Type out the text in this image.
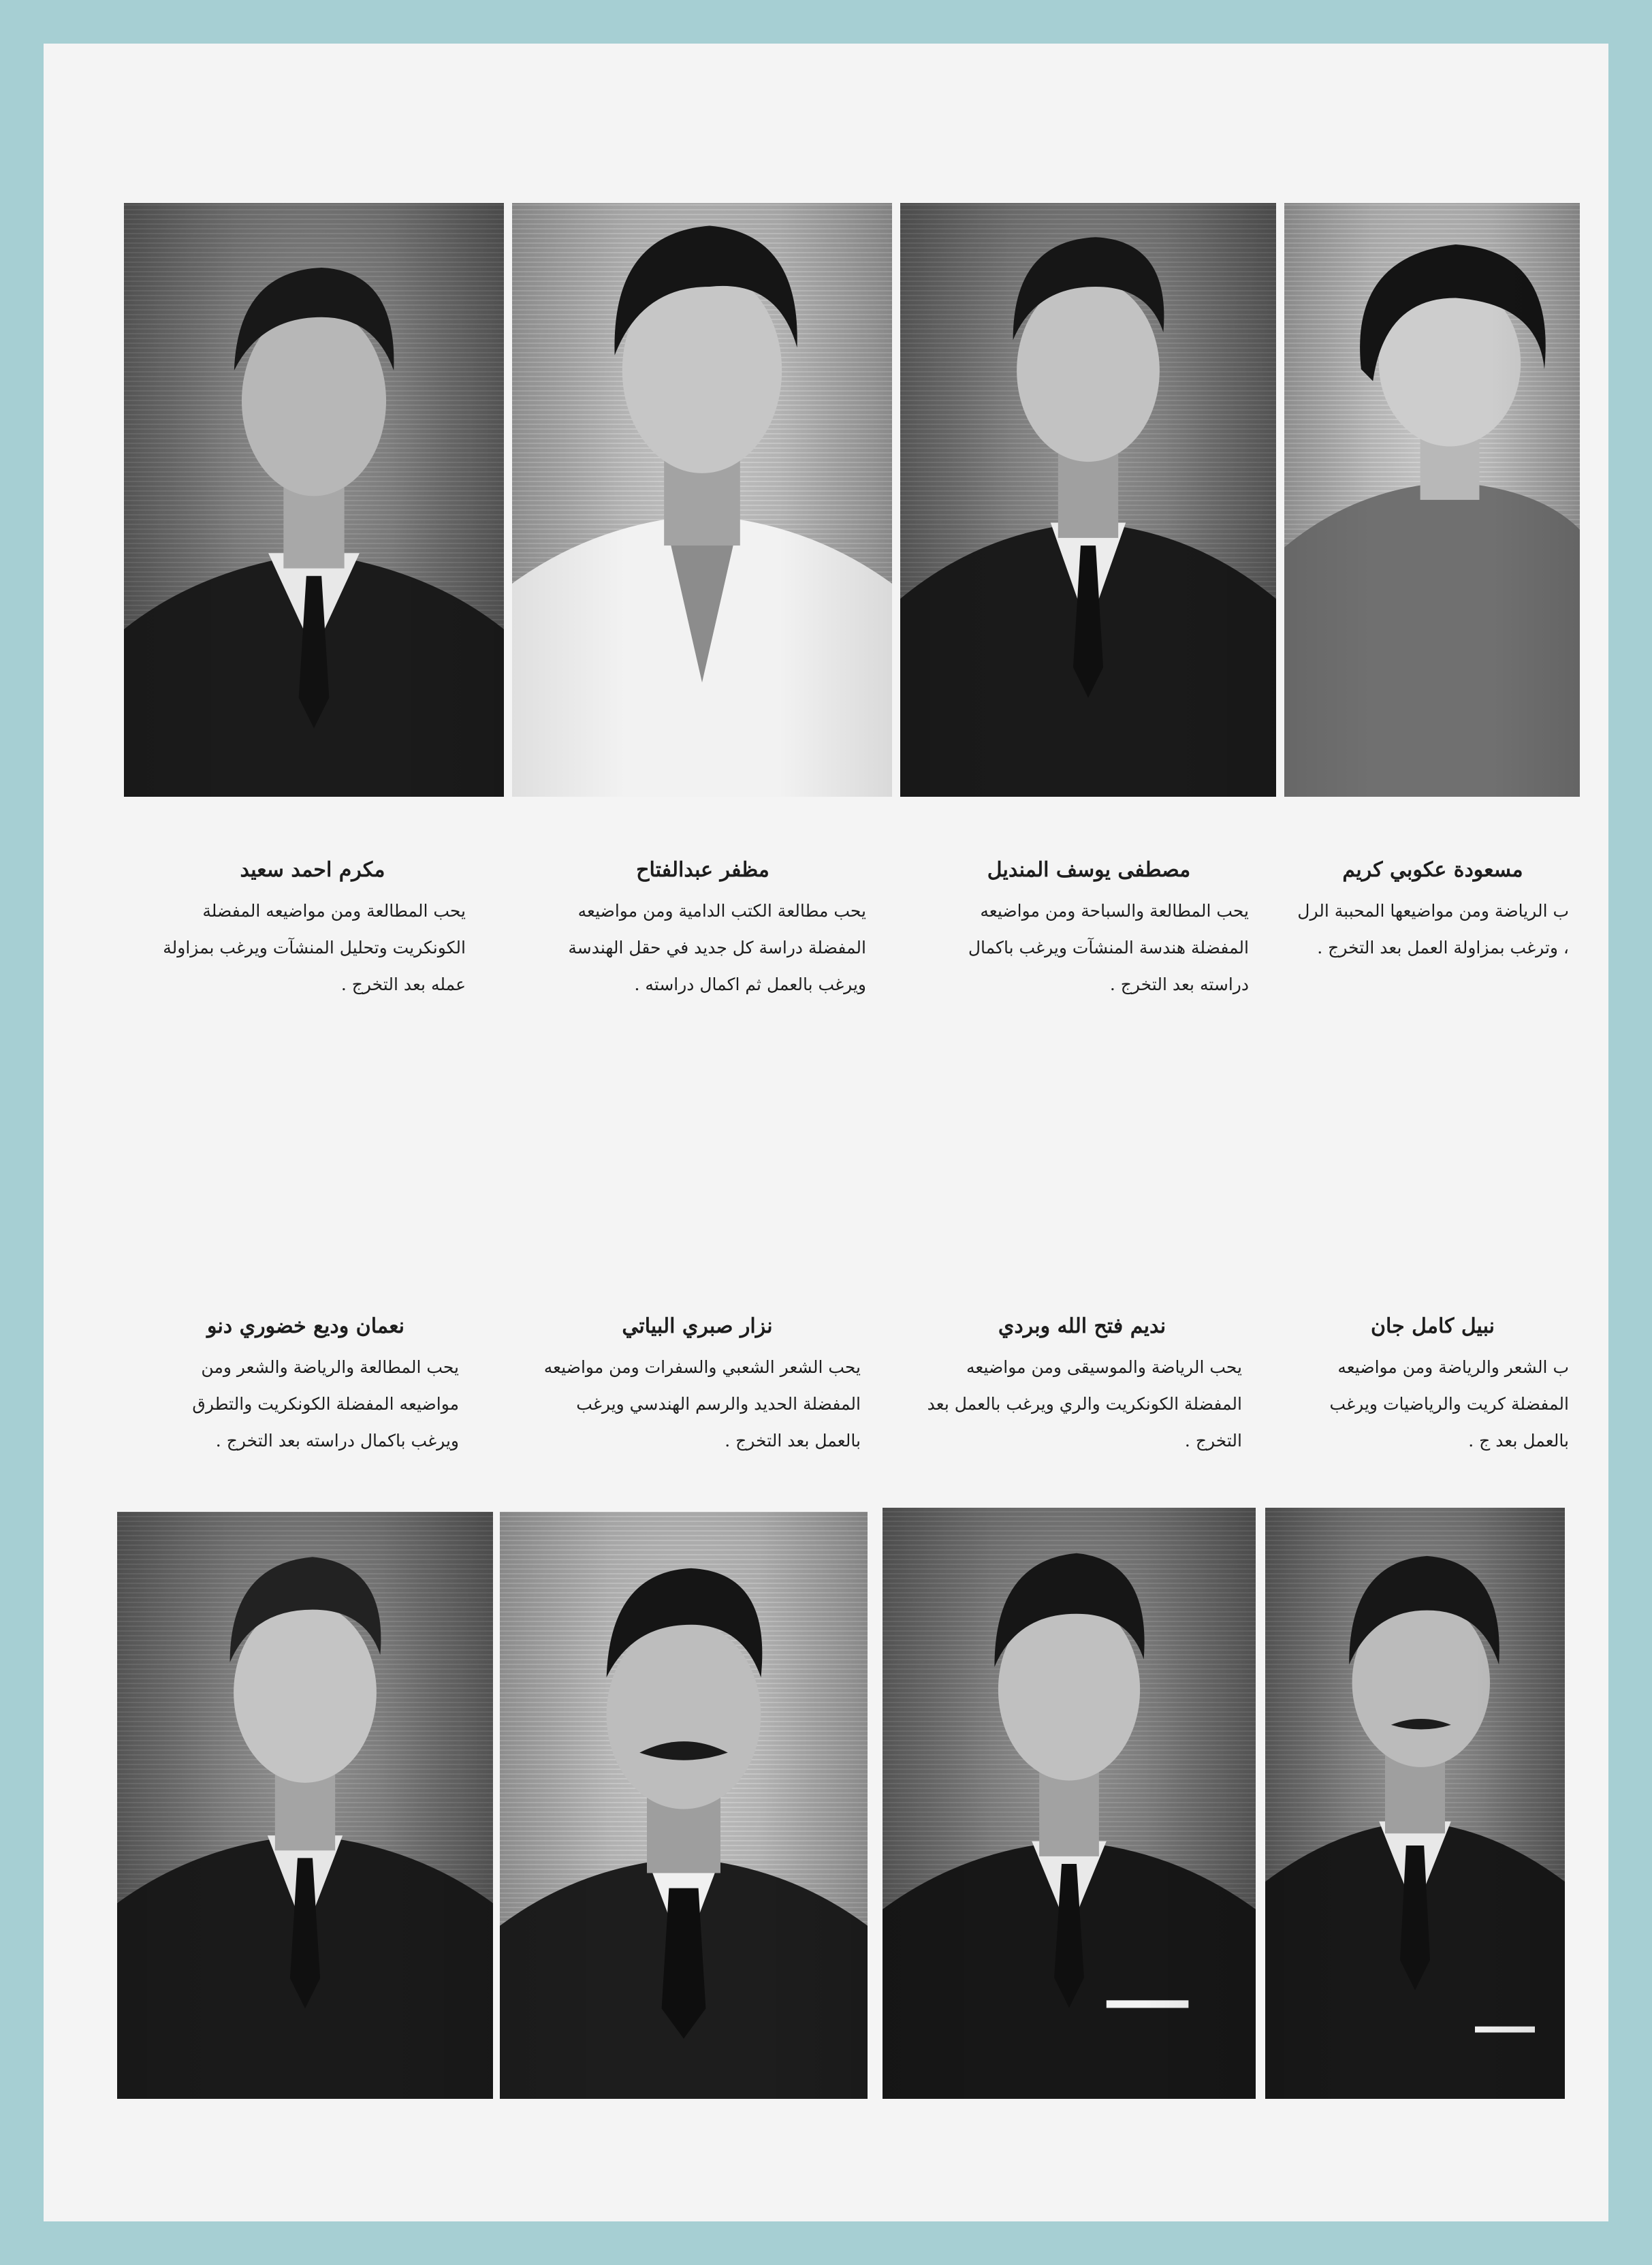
مكرم احمد سعيد
يحب المطالعة ومن مواضيعه المفضلة الكونكريت وتحليل المنشآت ويرغب بمزاولة عمله بعد التخرج .
مظفر عبدالفتاح
يحب مطالعة الكتب الدامية ومن مواضيعه المفضلة دراسة كل جديد في حقل الهندسة ويرغب بالعمل ثم اكمال دراسته .
مصطفى يوسف المنديل
يحب المطالعة والسباحة ومن مواضيعه المفضلة هندسة المنشآت ويرغب باكمال دراسته بعد التخرج .
مسعودة عكوبي كريم
ب الرياضة ومن مواضيعها المحببة الرل ، وترغب بمزاولة العمل بعد التخرج .
نعمان وديع خضوري دنو
يحب المطالعة والرياضة والشعر ومن مواضيعه المفضلة الكونكريت والتطرق ويرغب باكمال دراسته بعد التخرج .
نزار صبري البياتي
يحب الشعر الشعبي والسفرات ومن مواضيعه المفضلة الحديد والرسم الهندسي ويرغب بالعمل بعد التخرج .
نديم فتح الله وبردي
يحب الرياضة والموسيقى ومن مواضيعه المفضلة الكونكريت والري ويرغب بالعمل بعد التخرج .
نبيل كامل جان
ب الشعر والرياضة ومن مواضيعه المفضلة كريت والرياضيات ويرغب بالعمل بعد ج .
